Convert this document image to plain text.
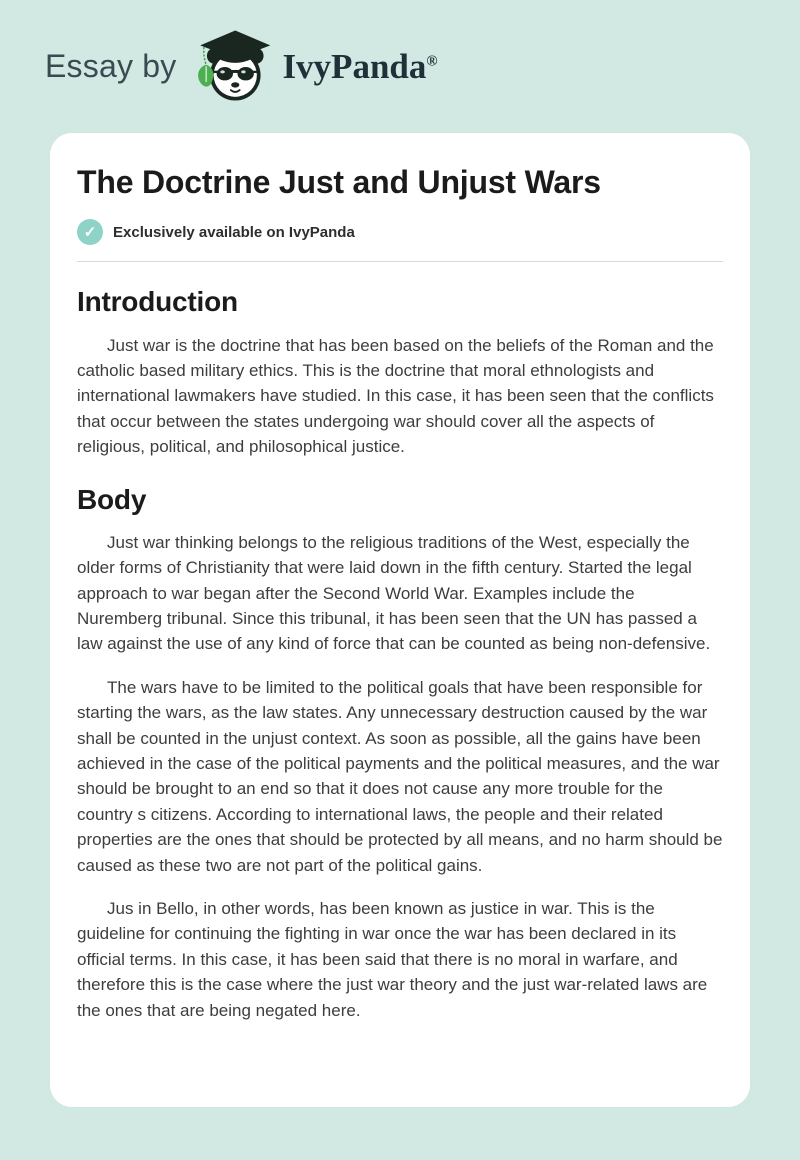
Essay by	IvyPanda®
The Doctrine Just and Unjust Wars
✓	Exclusively available on IvyPanda
Introduction

Just war is the doctrine that has been based on the beliefs of the Roman and the catholic based military ethics. This is the doctrine that moral ethnologists and international lawmakers have studied. In this case, it has been seen that the conflicts that occur between the states undergoing war should cover all the aspects of religious, political, and philosophical justice.

Body

Just war thinking belongs to the religious traditions of the West, especially the older forms of Christianity that were laid down in the fifth century. Started the legal approach to war began after the Second World War. Examples include the Nuremberg tribunal. Since this tribunal, it has been seen that the UN has passed a law against the use of any kind of force that can be counted as being non-defensive.

The wars have to be limited to the political goals that have been responsible for starting the wars, as the law states. Any unnecessary destruction caused by the war shall be counted in the unjust context. As soon as possible, all the gains have been achieved in the case of the political payments and the political measures, and the war should be brought to an end so that it does not cause any more trouble for the country s citizens. According to international laws, the people and their related properties are the ones that should be protected by all means, and no harm should be caused as these two are not part of the political gains.

Jus in Bello, in other words, has been known as justice in war. This is the guideline for continuing the fighting in war once the war has been declared in its official terms. In this case, it has been said that there is no moral in warfare, and therefore this is the case where the just war theory and the just war-related laws are the ones that are being negated here.
